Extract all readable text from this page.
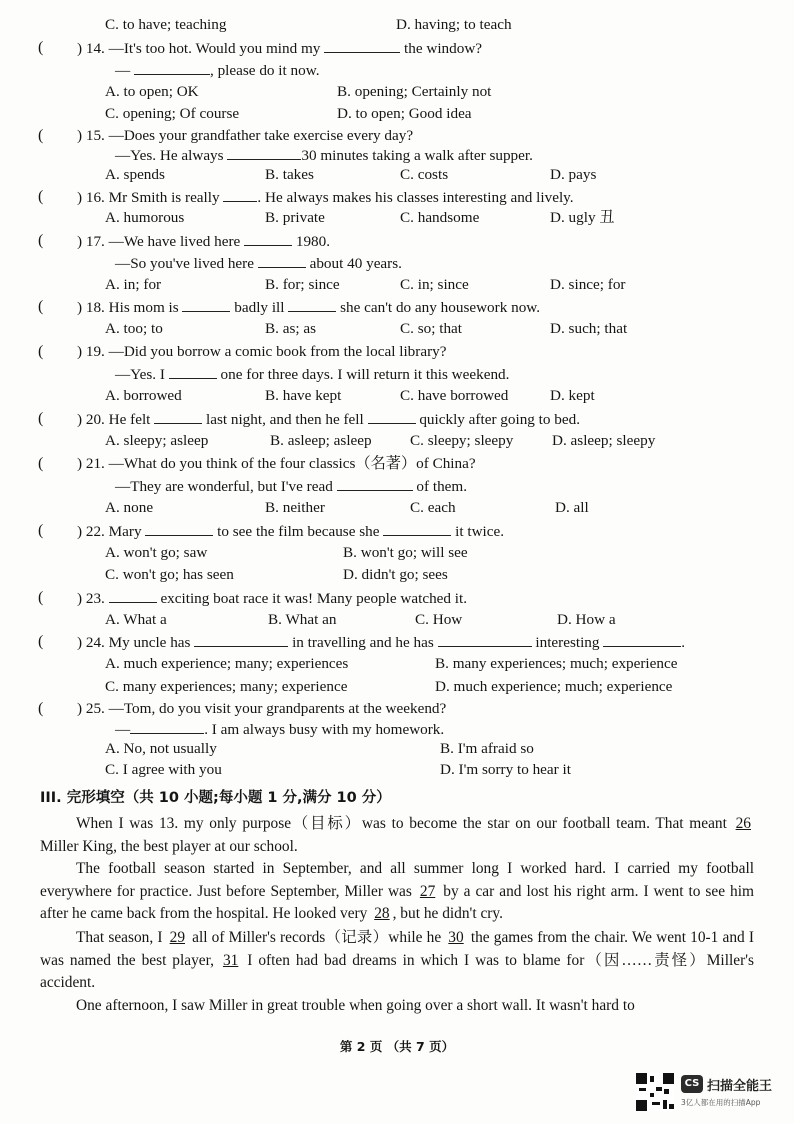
C. to have; teaching	D. having; to teach
( ) 14. —It's too hot. Would you mind my	the window?
—	, please do it now.
A. to open; OK	B. opening; Certainly not
C. opening; Of course	D. to open; Good idea
( ) 15. —Does your grandfather take exercise every day?
—Yes. He always	30 minutes taking a walk after supper.
A. spends	B. takes	C. costs	D. pays
( ) 16. Mr Smith is really . He always makes his classes interesting and lively.
A. humorous	B. private	C. handsome	D. ugly 丑
( ) 17. —We have lived here	1980.
—So you've lived here	about 40 years.
A. in; for	B. for; since	C. in; since	D. since; for
( ) 18. His mom is	badly ill	she can't do any housework now.
A. too; to	B. as; as	C. so; that	D. such; that
( ) 19. —Did you borrow a comic book from the local library?
—Yes. I	one for three days. I will return it this weekend.
A. borrowed	B. have kept	C. have borrowed	D. kept
( ) 20. He felt	last night, and then he fell	quickly after going to bed.
A. sleepy; asleep	B. asleep; asleep	C. sleepy; sleepy	D. asleep; sleepy
( ) 21. —What do you think of the four classics（名著）of China?
—They are wonderful, but I've read	of them.
A. none	B. neither	C. each	D. all
( ) 22. Mary	to see the film because she	it twice.
A. won't go; saw	B. won't go; will see
C. won't go; has seen	D. didn't go; sees
( ) 23.	exciting boat race it was! Many people watched it.
A. What a	B. What an	C. How	D. How a
( ) 24. My uncle has	in travelling and he has	interesting	.
A. much experience; many; experiences	B. many experiences; much; experience
C. many experiences; many; experience	D. much experience; much; experience
( ) 25. —Tom, do you visit your grandparents at the weekend?
—	. I am always busy with my homework.
A. No, not usually	B. I'm afraid so
C. I agree with you	D. I'm sorry to hear it
III. 完形填空（共 10 小题;每小题 1 分,满分 10 分）
When I was 13. my only purpose（目标）was to become the star on our football team. That meant 26 Miller King, the best player at our school.
The football season started in September, and all summer long I worked hard. I carried my football everywhere for practice. Just before September, Miller was 27 by a car and lost his right arm. I went to see him after he came back from the hospital. He looked very 28 , but he didn't cry.
That season, I 29 all of Miller's records（记录）while he 30 the games from the chair. We went 10-1 and I was named the best player, 31 I often had bad dreams in which I was to blame for（因……责怪）Miller's accident.
One afternoon, I saw Miller in great trouble when going over a short wall. It wasn't hard to
第 2 页 （共 7 页）
CS 扫描全能王
3亿人都在用的扫描App
